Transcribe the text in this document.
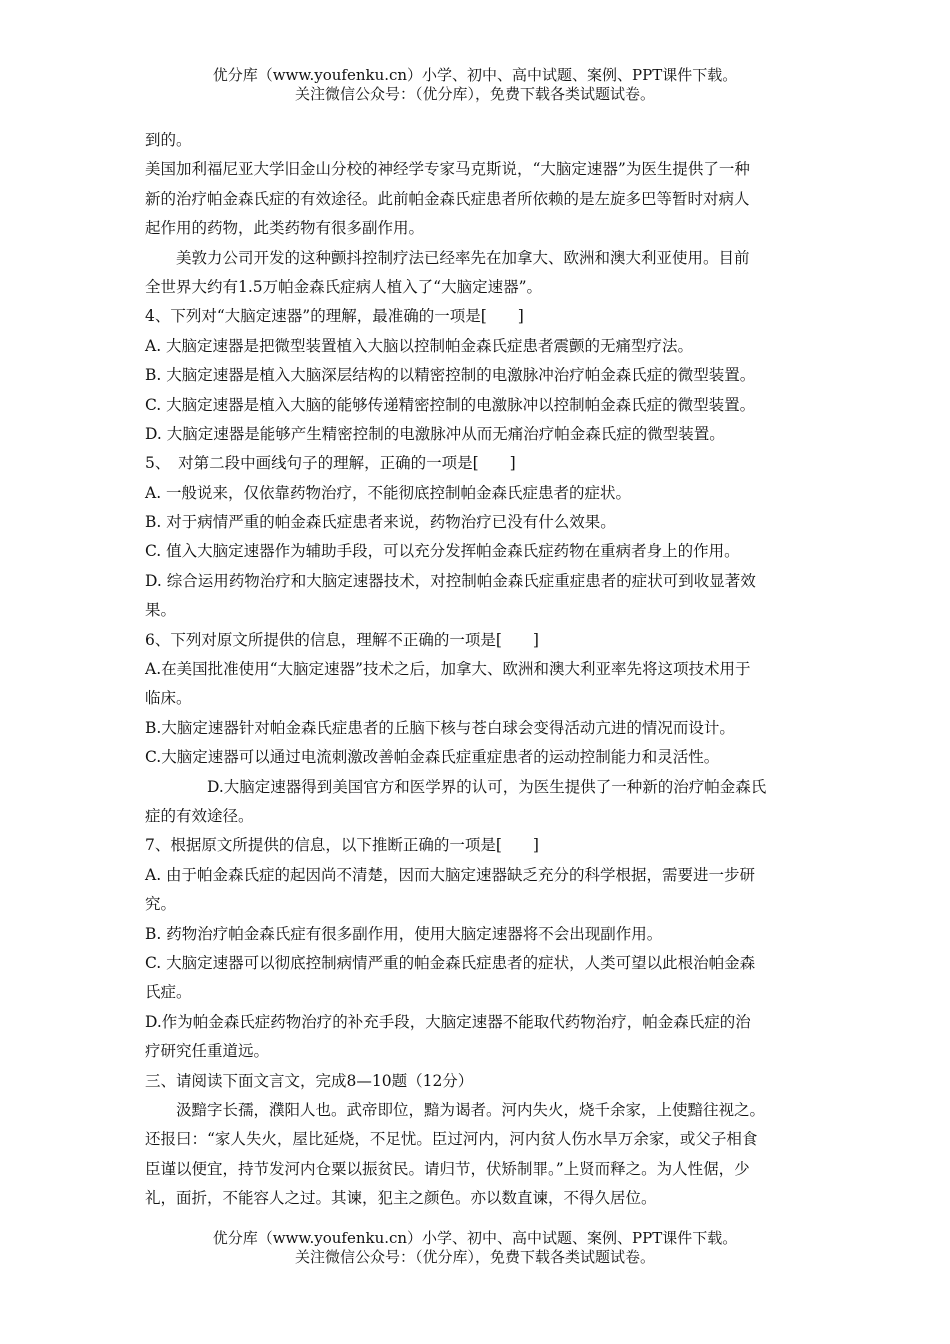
优分库（www.youfenku.cn）小学、初中、高中试题、案例、PPT课件下载。
关注微信公众号：（优分库），免费下载各类试题试卷。
到的。
美国加利福尼亚大学旧金山分校的神经学专家马克斯说，“大脑定速器”为医生提供了一种
新的治疗帕金森氏症的有效途径。此前帕金森氏症患者所依赖的是左旋多巴等暂时对病人
起作用的药物，此类药物有很多副作用。
美敦力公司开发的这种颤抖控制疗法已经率先在加拿大、欧洲和澳大利亚使用。目前
全世界大约有1.5万帕金森氏症病人植入了“大脑定速器”。
4、下列对“大脑定速器”的理解，最准确的一项是[　　]
A. 大脑定速器是把微型装置植入大脑以控制帕金森氏症患者震颤的无痛型疗法。
B. 大脑定速器是植入大脑深层结构的以精密控制的电激脉冲治疗帕金森氏症的微型装置。
C. 大脑定速器是植入大脑的能够传递精密控制的电激脉冲以控制帕金森氏症的微型装置。
D. 大脑定速器是能够产生精密控制的电激脉冲从而无痛治疗帕金森氏症的微型装置。
5、　对第二段中画线句子的理解，正确的一项是[　　]
A. 一般说来，仅依靠药物治疗，不能彻底控制帕金森氏症患者的症状。
B. 对于病情严重的帕金森氏症患者来说，药物治疗已没有什么效果。
C. 值入大脑定速器作为辅助手段，可以充分发挥帕金森氏症药物在重病者身上的作用。
D. 综合运用药物治疗和大脑定速器技术，对控制帕金森氏症重症患者的症状可到收显著效
果。
6、下列对原文所提供的信息，理解不正确的一项是[　　]
A.在美国批准使用“大脑定速器”技术之后，加拿大、欧洲和澳大利亚率先将这项技术用于
临床。
B.大脑定速器针对帕金森氏症患者的丘脑下核与苍白球会变得活动亢进的情况而设计。
C.大脑定速器可以通过电流刺激改善帕金森氏症重症患者的运动控制能力和灵活性。
D.大脑定速器得到美国官方和医学界的认可，为医生提供了一种新的治疗帕金森氏
症的有效途径。
7、根据原文所提供的信息，以下推断正确的一项是[　　]
A. 由于帕金森氏症的起因尚不清楚，因而大脑定速器缺乏充分的科学根据，需要进一步研
究。
B. 药物治疗帕金森氏症有很多副作用，使用大脑定速器将不会出现副作用。
C. 大脑定速器可以彻底控制病情严重的帕金森氏症患者的症状，人类可望以此根治帕金森
氏症。
D.作为帕金森氏症药物治疗的补充手段，大脑定速器不能取代药物治疗，帕金森氏症的治
疗研究任重道远。
三、请阅读下面文言文，完成8—10题（12分）
汲黯字长孺，濮阳人也。武帝即位，黯为谒者。河内失火，烧千余家，上使黯往视之。
还报曰：“家人失火，屋比延烧，不足忧。臣过河内，河内贫人伤水旱万余家，或父子相食
臣谨以便宜，持节发河内仓粟以振贫民。请归节，伏矫制罪。”上贤而释之。为人性倨，少
礼，面折，不能容人之过。其谏，犯主之颜色。亦以数直谏，不得久居位。
优分库（www.youfenku.cn）小学、初中、高中试题、案例、PPT课件下载。
关注微信公众号：（优分库），免费下载各类试题试卷。
